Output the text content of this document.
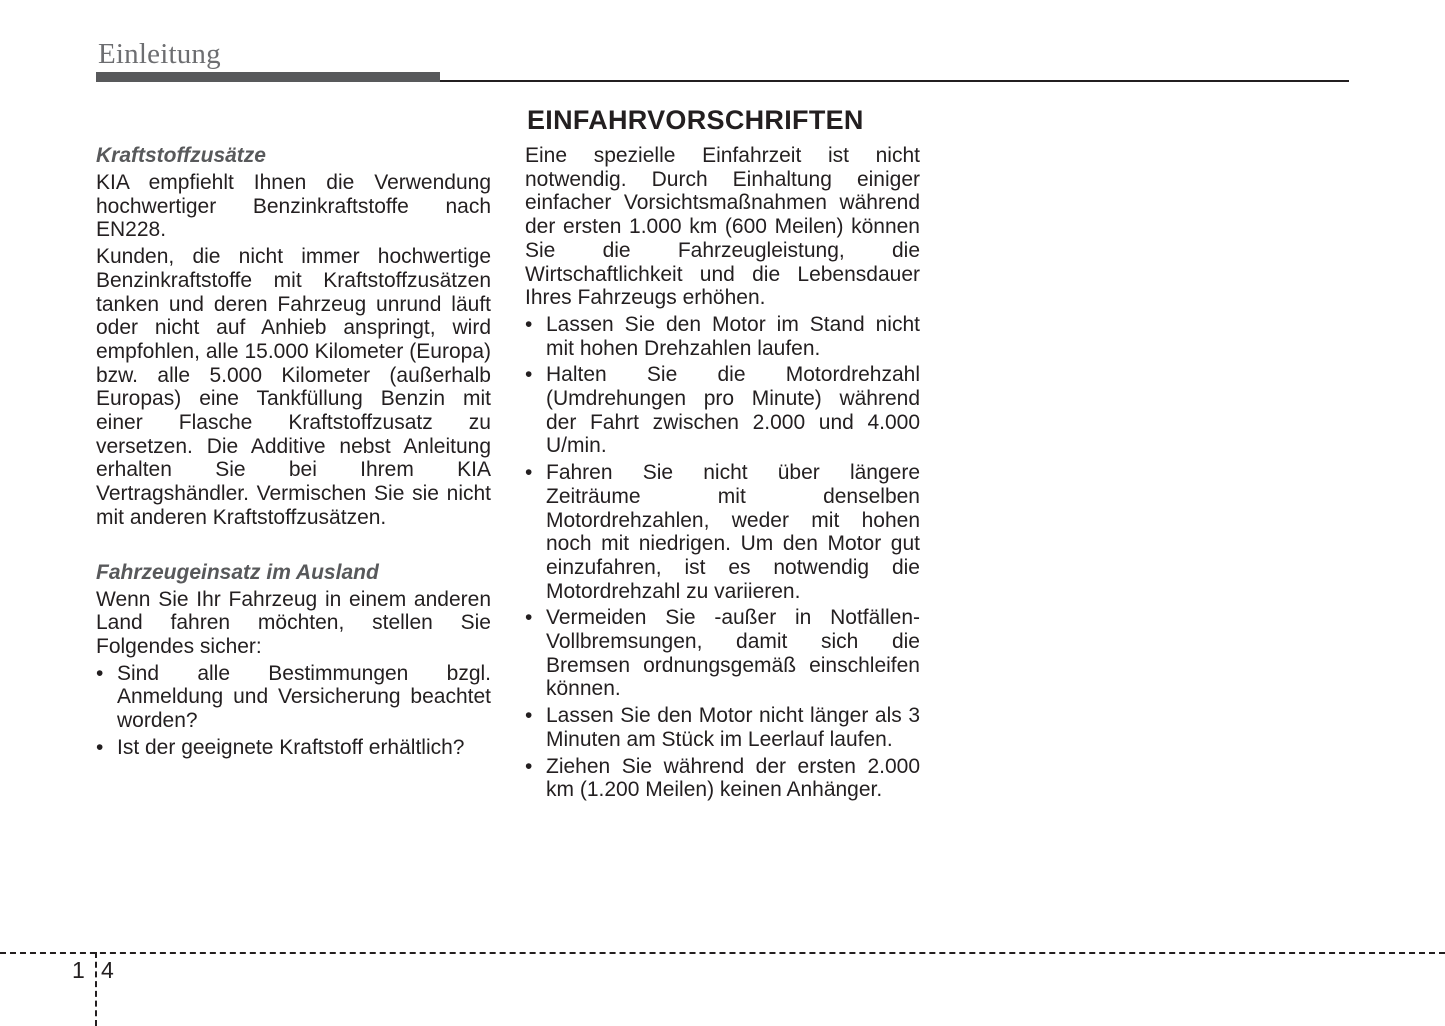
Einleitung
EINFAHRVORSCHRIFTEN
Kraftstoffzusätze

KIA empfiehlt Ihnen die Verwendung hochwertiger Benzinkraftstoffe nach EN228.

Kunden, die nicht immer hochwertige Benzinkraftstoffe mit Kraftstoffzusätzen tanken und deren Fahrzeug unrund läuft oder nicht auf Anhieb anspringt, wird empfohlen, alle 15.000 Kilometer (Europa) bzw. alle 5.000 Kilometer (außerhalb Europas) eine Tankfüllung Benzin mit einer Flasche Kraftstoffzusatz zu versetzen. Die Additive nebst Anleitung erhalten Sie bei Ihrem KIA Vertragshändler. Vermischen Sie sie nicht mit anderen Kraftstoffzusätzen.

Fahrzeugeinsatz im Ausland

Wenn Sie Ihr Fahrzeug in einem anderen Land fahren möchten, stellen Sie Folgendes sicher:

• Sind alle Bestimmungen bzgl. Anmeldung und Versicherung beachtet worden?
• Ist der geeignete Kraftstoff erhältlich?

Eine spezielle Einfahrzeit ist nicht notwendig. Durch Einhaltung einiger einfacher Vorsichtsmaßnahmen während der ersten 1.000 km (600 Meilen) können Sie die Fahrzeugleistung, die Wirtschaftlichkeit und die Lebensdauer Ihres Fahrzeugs erhöhen.

• Lassen Sie den Motor im Stand nicht mit hohen Drehzahlen laufen.
• Halten Sie die Motordrehzahl (Umdrehungen pro Minute) während der Fahrt zwischen 2.000 und 4.000 U/min.
• Fahren Sie nicht über längere Zeiträume mit denselben Motordrehzahlen, weder mit hohen noch mit niedrigen. Um den Motor gut einzufahren, ist es notwendig die Motordrehzahl zu variieren.
• Vermeiden Sie -außer in Notfällen- Vollbremsungen, damit sich die Bremsen ordnungsgemäß einschleifen können.
• Lassen Sie den Motor nicht länger als 3 Minuten am Stück im Leerlauf laufen.
• Ziehen Sie während der ersten 2.000 km (1.200 Meilen) keinen Anhänger.
1 4
